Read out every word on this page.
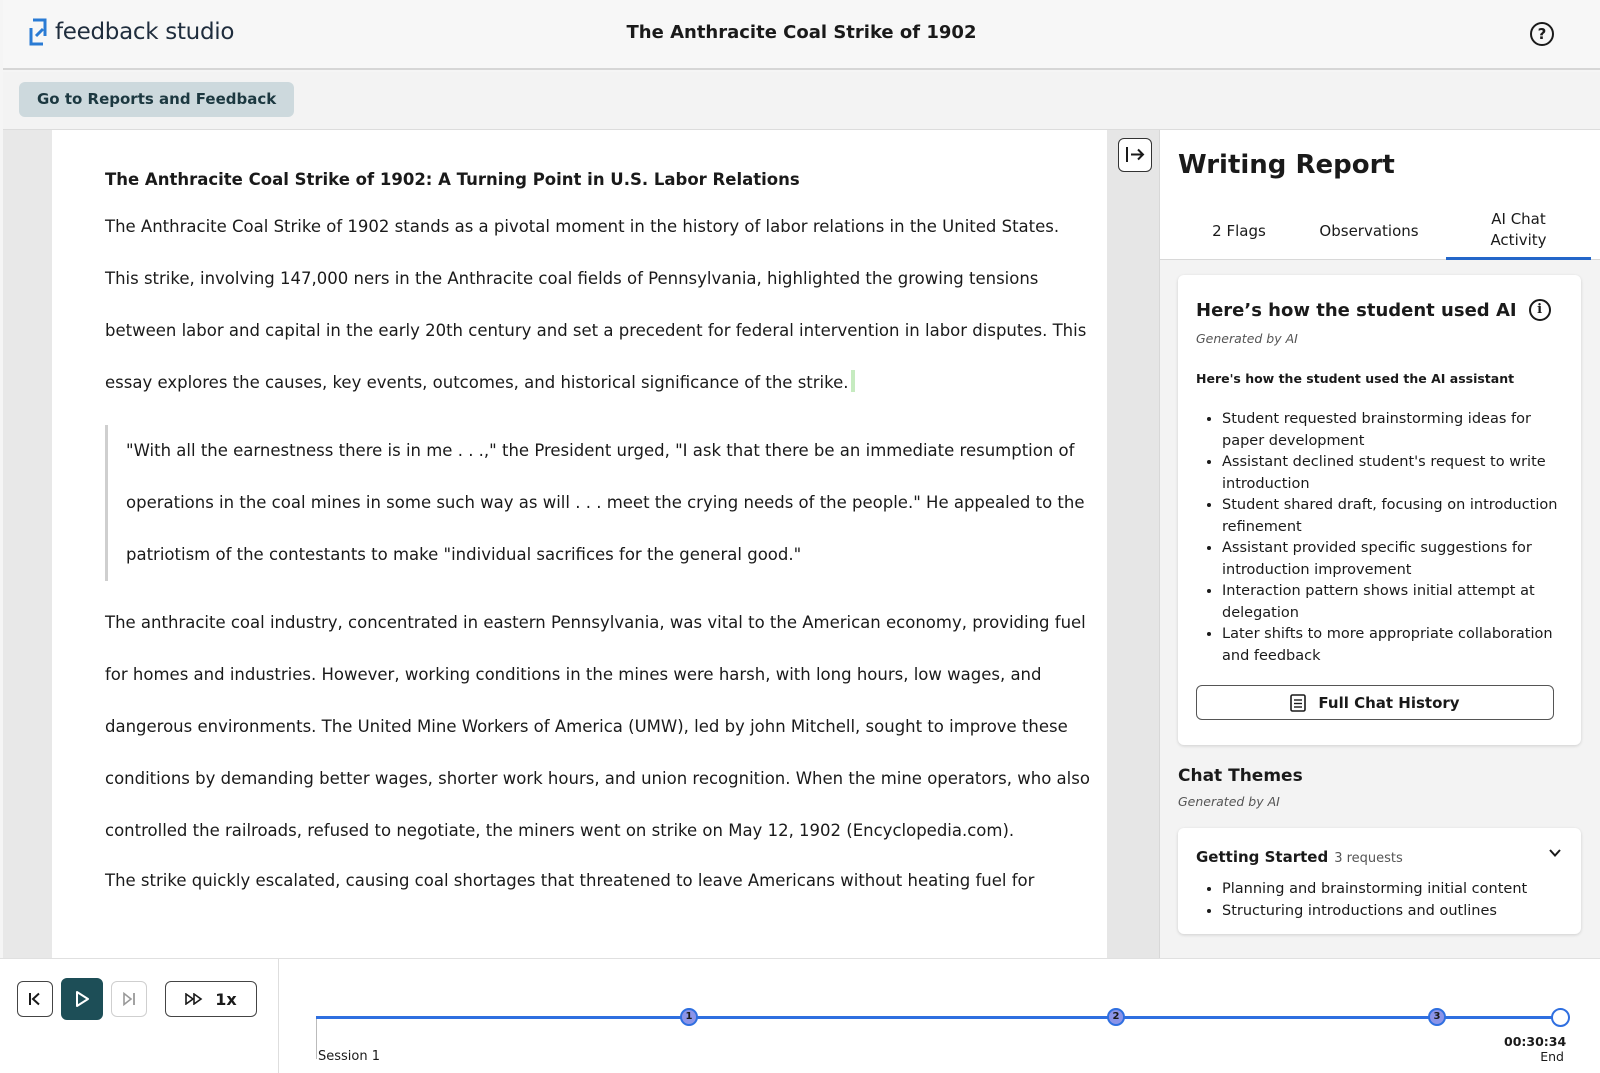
feedback studio	The Anthracite Coal Strike of 1902	?
Go to Reports and Feedback
The Anthracite Coal Strike of 1902: A Turning Point in U.S. Labor Relations

The Anthracite Coal Strike of 1902 stands as a pivotal moment in the history of labor relations in the United States. This strike, involving 147,000 ners in the Anthracite coal fields of Pennsylvania, highlighted the growing tensions between labor and capital in the early 20th century and set a precedent for federal intervention in labor disputes. This essay explores the causes, key events, outcomes, and historical significance of the strike.

"With all the earnestness there is in me . . .," the President urged, "I ask that there be an immediate resumption of operations in the coal mines in some such way as will . . . meet the crying needs of the people." He appealed to the patriotism of the contestants to make "individual sacrifices for the general good."

The anthracite coal industry, concentrated in eastern Pennsylvania, was vital to the American economy, providing fuel for homes and industries. However, working conditions in the mines were harsh, with long hours, low wages, and dangerous environments. The United Mine Workers of America (UMW), led by john Mitchell, sought to improve these conditions by demanding better wages, shorter work hours, and union recognition. When the mine operators, who also controlled the railroads, refused to negotiate, the miners went on strike on May 12, 1902 (Encyclopedia.com).

The strike quickly escalated, causing coal shortages that threatened to leave Americans without heating fuel for

Writing Report
2 Flags	Observations
AI Chat Activity
Here’s how the student used AI	i
Generated by AI
Here's how the student used the AI assistant
• Student requested brainstorming ideas for paper development
• Assistant declined student's request to write introduction
• Student shared draft, focusing on introduction refinement
• Assistant provided specific suggestions for introduction improvement
• Interaction pattern shows initial attempt at delegation
• Later shifts to more appropriate collaboration and feedback
Full Chat History
Chat Themes
Generated by AI
Getting Started 3 requests
• Planning and brainstorming initial content
• Structuring introductions and outlines
1x
1	2	3
Session 1
00:30:34
End
